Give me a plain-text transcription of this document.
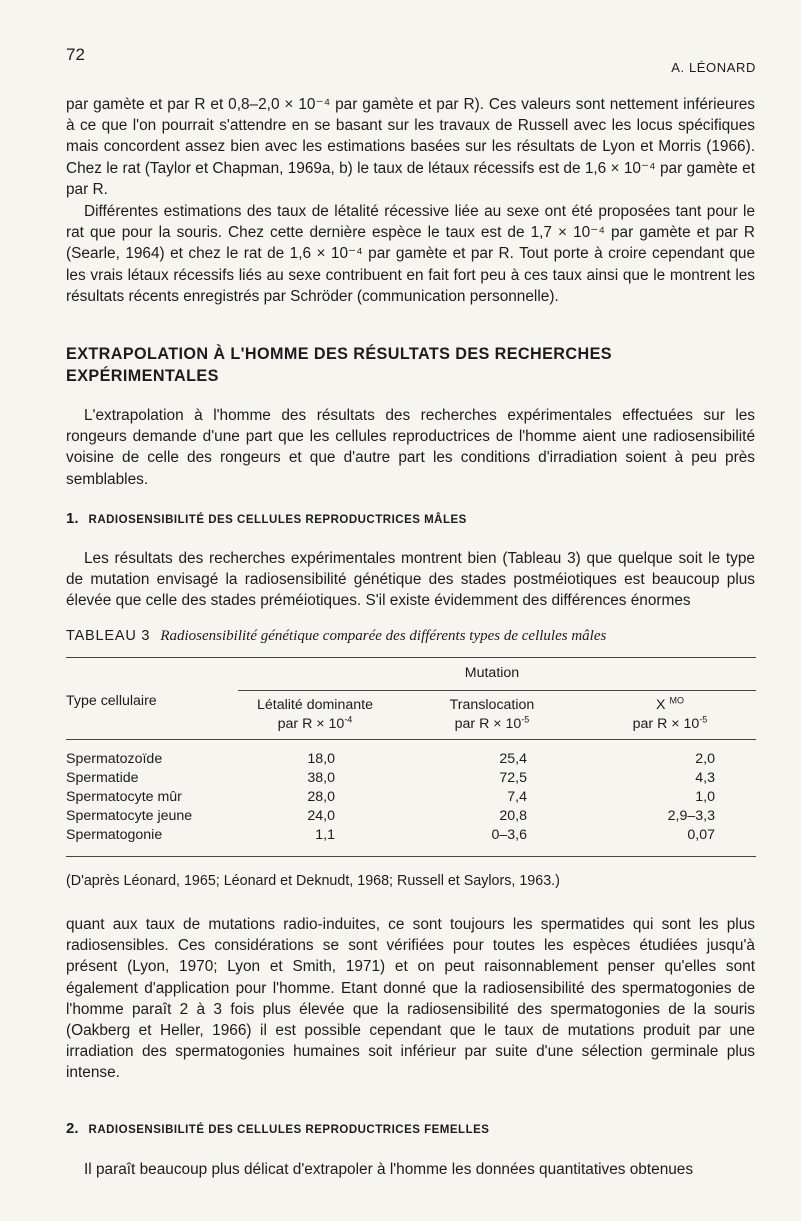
72
A. LÉONARD

par gamète et par R et 0,8–2,0 × 10⁻⁴ par gamète et par R). Ces valeurs sont nettement inférieures à ce que l'on pourrait s'attendre en se basant sur les travaux de Russell avec les locus spécifiques mais concordent assez bien avec les estimations basées sur les résultats de Lyon et Morris (1966). Chez le rat (Taylor et Chapman, 1969a, b) le taux de létaux récessifs est de 1,6 × 10⁻⁴ par gamète et par R.

Différentes estimations des taux de létalité récessive liée au sexe ont été proposées tant pour le rat que pour la souris. Chez cette dernière espèce le taux est de 1,7 × 10⁻⁴ par gamète et par R (Searle, 1964) et chez le rat de 1,6 × 10⁻⁴ par gamète et par R. Tout porte à croire cependant que les vrais létaux récessifs liés au sexe contribuent en fait fort peu à ces taux ainsi que le montrent les résultats récents enregistrés par Schröder (communication personnelle).

EXTRAPOLATION À L'HOMME DES RÉSULTATS DES RECHERCHES EXPÉRIMENTALES

L'extrapolation à l'homme des résultats des recherches expérimentales effectuées sur les rongeurs demande d'une part que les cellules reproductrices de l'homme aient une radiosensibilité voisine de celle des rongeurs et que d'autre part les conditions d'irradiation soient à peu près semblables.

1. RADIOSENSIBILITÉ DES CELLULES REPRODUCTRICES MÂLES

Les résultats des recherches expérimentales montrent bien (Tableau 3) que quelque soit le type de mutation envisagé la radiosensibilité génétique des stades postméiotiques est beaucoup plus élevée que celle des stades préméiotiques. S'il existe évidemment des différences énormes

TABLEAU 3 Radiosensibilité génétique comparée des différents types de cellules mâles
Mutation
Type cellulaire	Létalité dominante	Translocation	X $^{MO}$
par $R \times 10^{-4}$	par $R \times 10^{-5}$	par $R \times 10^{-5}$
Spermatozoïde	18,0	25,4	2,0
Spermatide	38,0	72,5	4,3
Spermatocyte mûr	28,0	7,4	1,0
Spermatocyte jeune	24,0	20,8	2,9–3,3
Spermatogonie	1,1	0–3,6	0,07
(D'après Léonard, 1965; Léonard et Deknudt, 1968; Russell et Saylors, 1963.)

quant aux taux de mutations radio-induites, ce sont toujours les spermatides qui sont les plus radiosensibles. Ces considérations se sont vérifiées pour toutes les espèces étudiées jusqu'à présent (Lyon, 1970; Lyon et Smith, 1971) et on peut raisonnablement penser qu'elles sont également d'application pour l'homme. Etant donné que la radiosensibilité des spermatogonies de l'homme paraît 2 à 3 fois plus élevée que la radiosensibilité des spermatogonies de la souris (Oakberg et Heller, 1966) il est possible cependant que le taux de mutations produit par une irradiation des spermatogonies humaines soit inférieur par suite d'une sélection germinale plus intense.

2. RADIOSENSIBILITÉ DES CELLULES REPRODUCTRICES FEMELLES

Il paraît beaucoup plus délicat d'extrapoler à l'homme les données quantitatives obtenues
